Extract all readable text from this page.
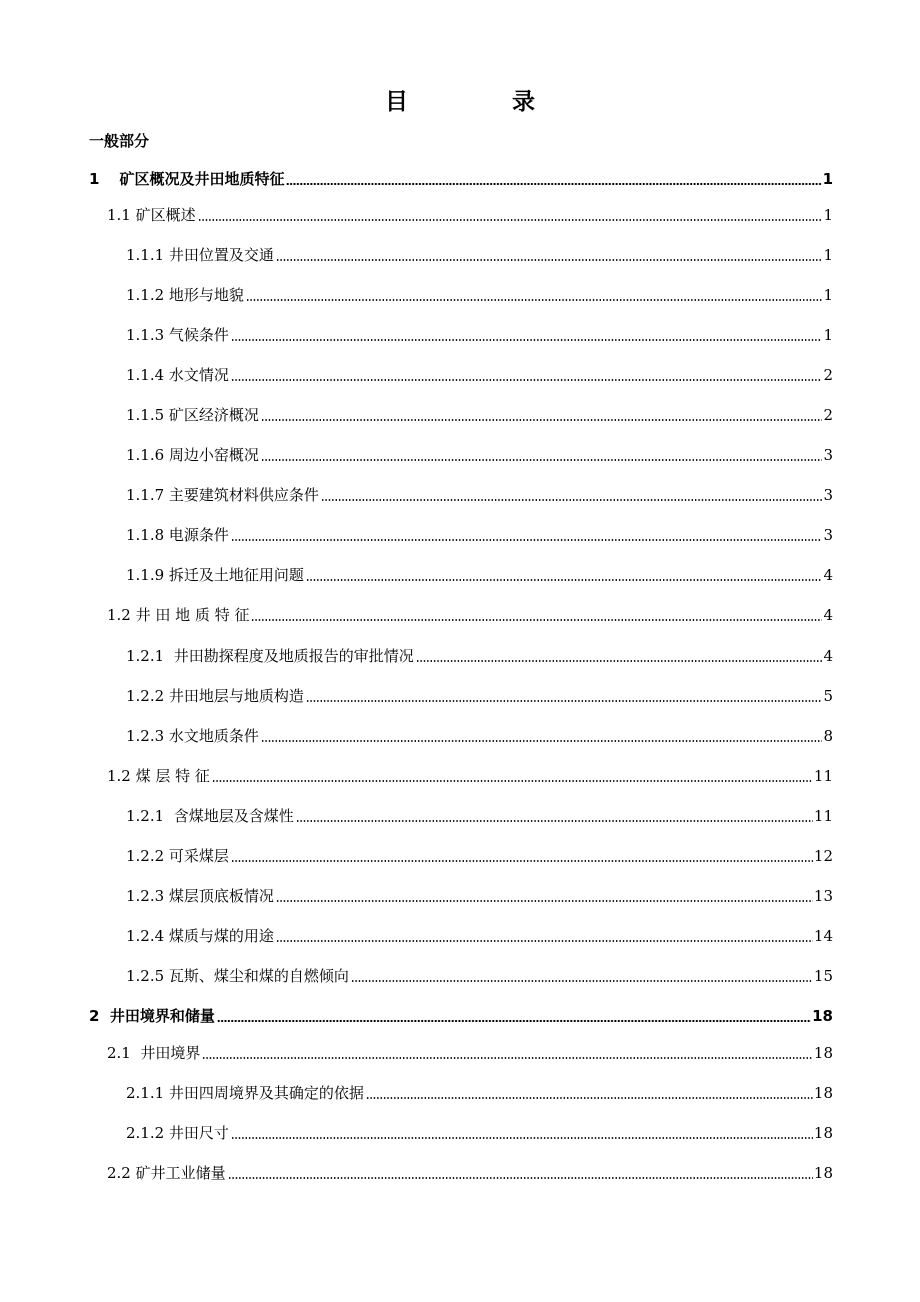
目 录
一般部分
1 矿区概况及井田地质特征	1
1.1 矿区概述	1
1.1.1 井田位置及交通	1
1.1.2 地形与地貌	1
1.1.3 气候条件	1
1.1.4 水文情况	2
1.1.5 矿区经济概况	2
1.1.6 周边小窑概况	3
1.1.7 主要建筑材料供应条件	3
1.1.8 电源条件	3
1.1.9 拆迁及土地征用问题	4
1.2 井 田 地 质 特 征	4
1.2.1  井田勘探程度及地质报告的审批情况	4
1.2.2 井田地层与地质构造	5
1.2.3 水文地质条件	8
1.2 煤 层 特 征	11
1.2.1  含煤地层及含煤性	11
1.2.2 可采煤层	12
1.2.3 煤层顶底板情况	13
1.2.4 煤质与煤的用途	14
1.2.5 瓦斯、煤尘和煤的自燃倾向	15
2  井田境界和储量	18
2.1  井田境界	18
2.1.1 井田四周境界及其确定的依据	18
2.1.2 井田尺寸	18
2.2 矿井工业储量	18
